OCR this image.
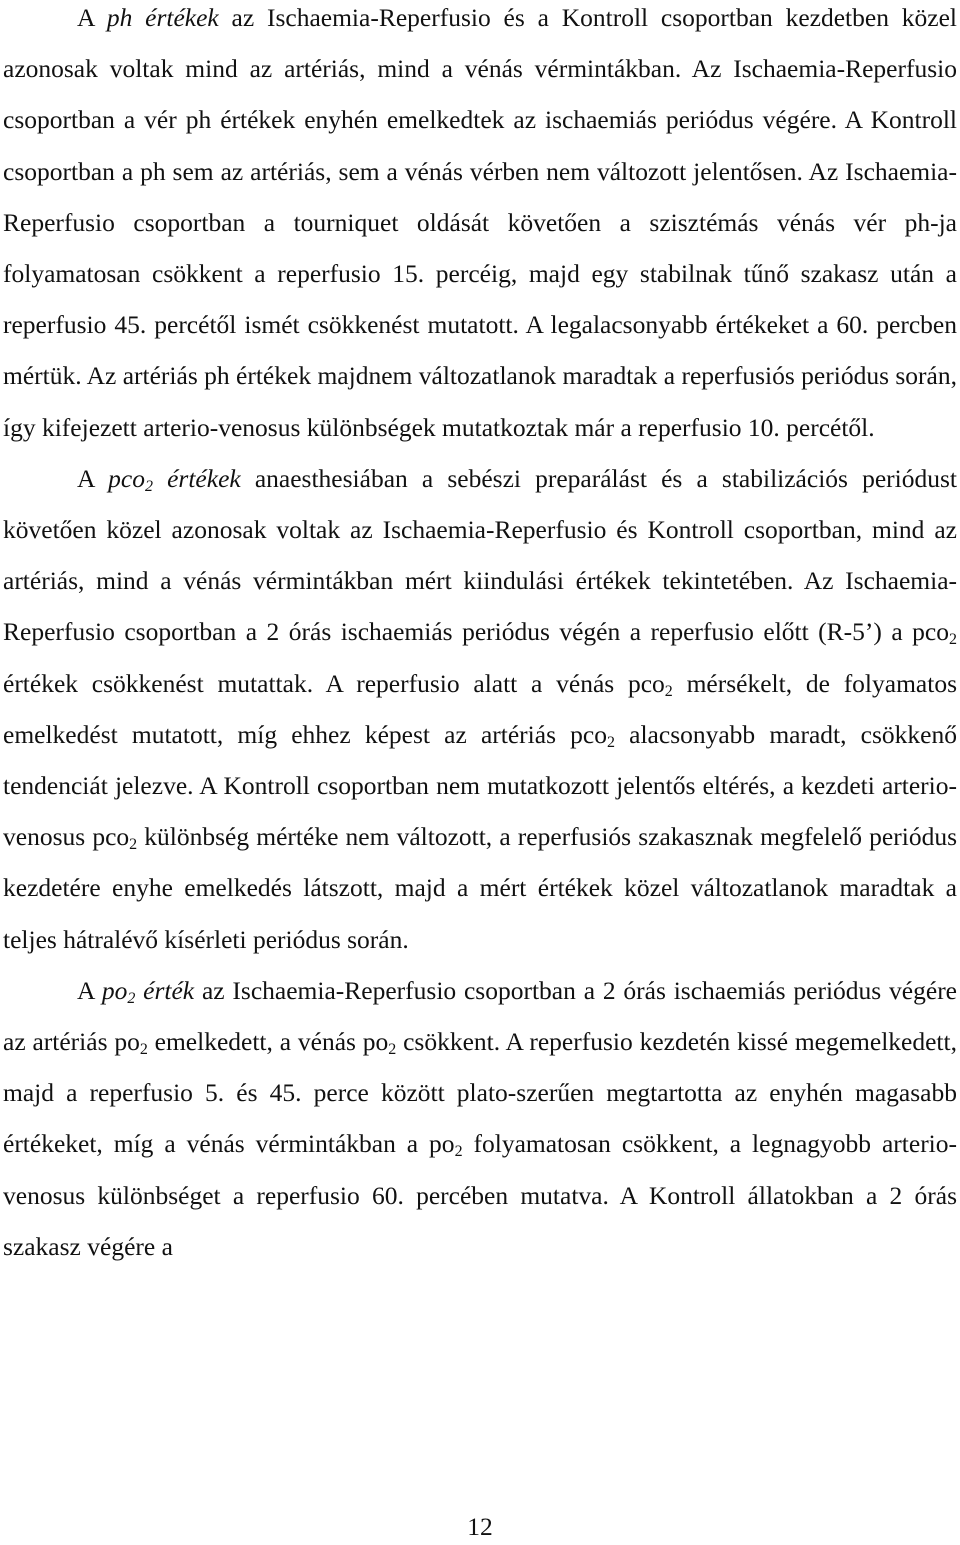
A ph értékek az Ischaemia-Reperfusio és a Kontroll csoportban kezdetben közel azonosak voltak mind az artériás, mind a vénás vérmintákban. Az Ischaemia-Reperfusio csoportban a vér ph értékek enyhén emelkedtek az ischaemiás periódus végére. A Kontroll csoportban a ph sem az artériás, sem a vénás vérben nem változott jelentősen. Az Ischaemia-Reperfusio csoportban a tourniquet oldását követően a szisztémás vénás vér ph-ja folyamatosan csökkent a reperfusio 15. percéig, majd egy stabilnak tűnő szakasz után a reperfusio 45. percétől ismét csökkenést mutatott. A legalacsonyabb értékeket a 60. percben mértük. Az artériás ph értékek majdnem változatlanok maradtak a reperfusiós periódus során, így kifejezett arterio-venosus különbségek mutatkoztak már a reperfusio 10. percétől.

A pco$_2$ értékek anaesthesiában a sebészi preparálást és a stabilizációs periódust követően közel azonosak voltak az Ischaemia-Reperfusio és Kontroll csoportban, mind az artériás, mind a vénás vérmintákban mért kiindulási értékek tekintetében. Az Ischaemia-Reperfusio csoportban a 2 órás ischaemiás periódus végén a reperfusio előtt (R-5’) a pco$_2$ értékek csökkenést mutattak. A reperfusio alatt a vénás pco$_2$ mérsékelt, de folyamatos emelkedést mutatott, míg ehhez képest az artériás pco$_2$ alacsonyabb maradt, csökkenő tendenciát jelezve. A Kontroll csoportban nem mutatkozott jelentős eltérés, a kezdeti arterio-venosus pco$_2$ különbség mértéke nem változott, a reperfusiós szakasznak megfelelő periódus kezdetére enyhe emelkedés látszott, majd a mért értékek közel változatlanok maradtak a teljes hátralévő kísérleti periódus során.

A $po_2$ érték az Ischaemia-Reperfusio csoportban a 2 órás ischaemiás periódus végére az artériás $po_2$ emelkedett, a vénás $po_2$ csökkent. A reperfusio kezdetén kissé megemelkedett, majd a reperfusio 5. és 45. perce között plato-szerűen megtartotta az enyhén magasabb értékeket, míg a vénás vérmintákban a $po_2$ folyamatosan csökkent, a legnagyobb arterio-venosus különbséget a reperfusio 60. percében mutatva. A Kontroll állatokban a 2 órás szakasz végére a

12
